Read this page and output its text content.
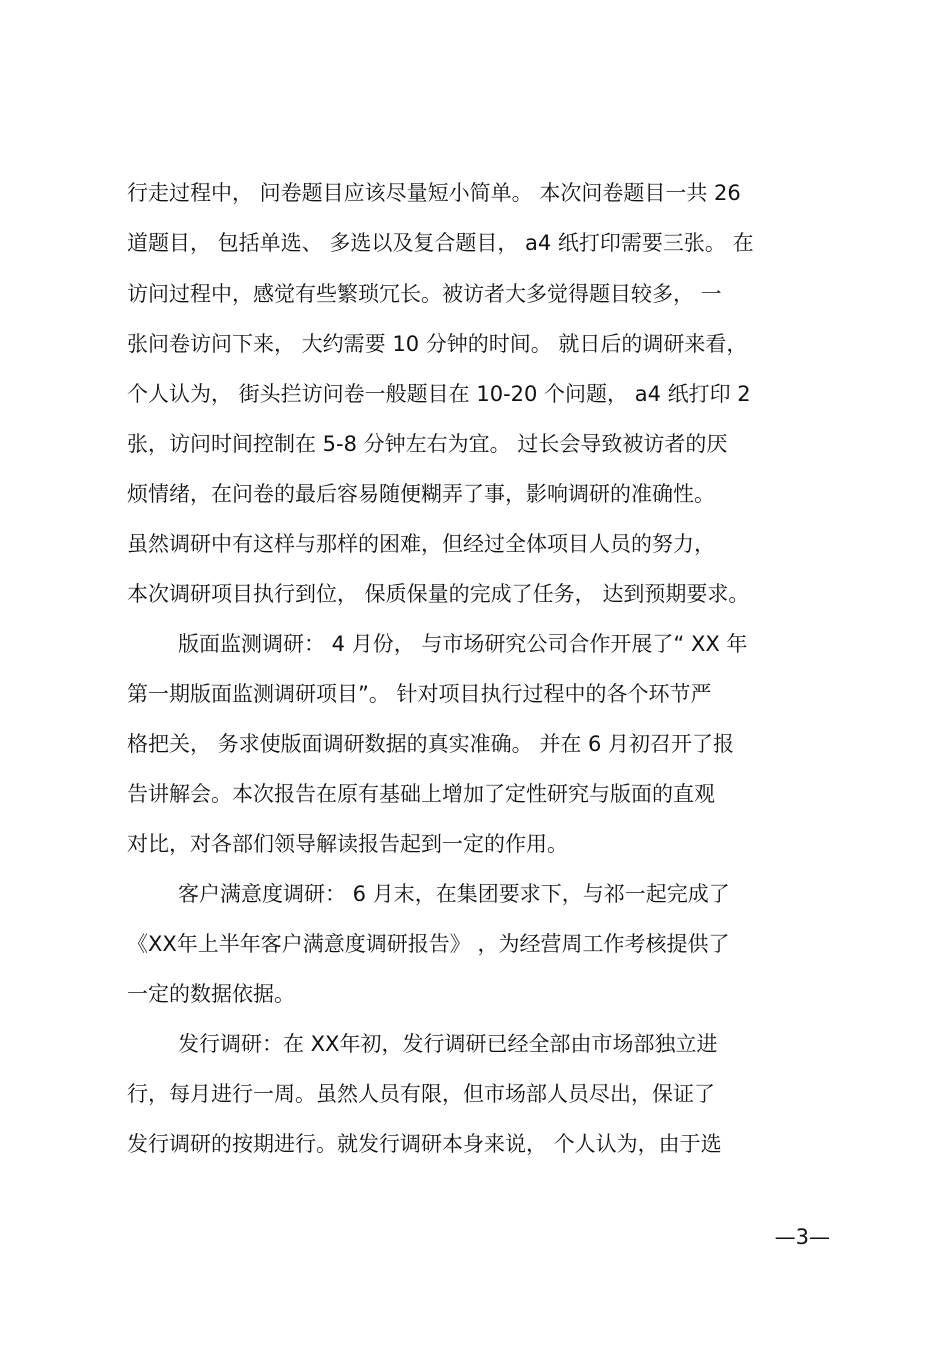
行走过程中， 问卷题目应该尽量短小简单。 本次问卷题目一共 26
道题目， 包括单选、 多选以及复合题目， a4 纸打印需要三张。 在
访问过程中，感觉有些繁琐冗长。被访者大多觉得题目较多， 一
张问卷访问下来， 大约需要 10 分钟的时间。 就日后的调研来看，
个人认为， 街头拦访问卷一般题目在 10-20 个问题， a4 纸打印 2
张，访问时间控制在 5-8 分钟左右为宜。 过长会导致被访者的厌
烦情绪，在问卷的最后容易随便糊弄了事，影响调研的准确性。
虽然调研中有这样与那样的困难，但经过全体项目人员的努力，
本次调研项目执行到位， 保质保量的完成了任务， 达到预期要求。
版面监测调研： 4 月份， 与市场研究公司合作开展了“ XX 年
第一期版面监测调研项目”。 针对项目执行过程中的各个环节严
格把关， 务求使版面调研数据的真实准确。 并在 6 月初召开了报
告讲解会。本次报告在原有基础上增加了定性研究与版面的直观
对比，对各部们领导解读报告起到一定的作用。
客户满意度调研： 6 月末，在集团要求下，与祁一起完成了
《XX年上半年客户满意度调研报告》 ，为经营周工作考核提供了
一定的数据依据。
发行调研：在 XX年初，发行调研已经全部由市场部独立进
行，每月进行一周。虽然人员有限，但市场部人员尽出，保证了
发行调研的按期进行。就发行调研本身来说， 个人认为，由于选
—3—
